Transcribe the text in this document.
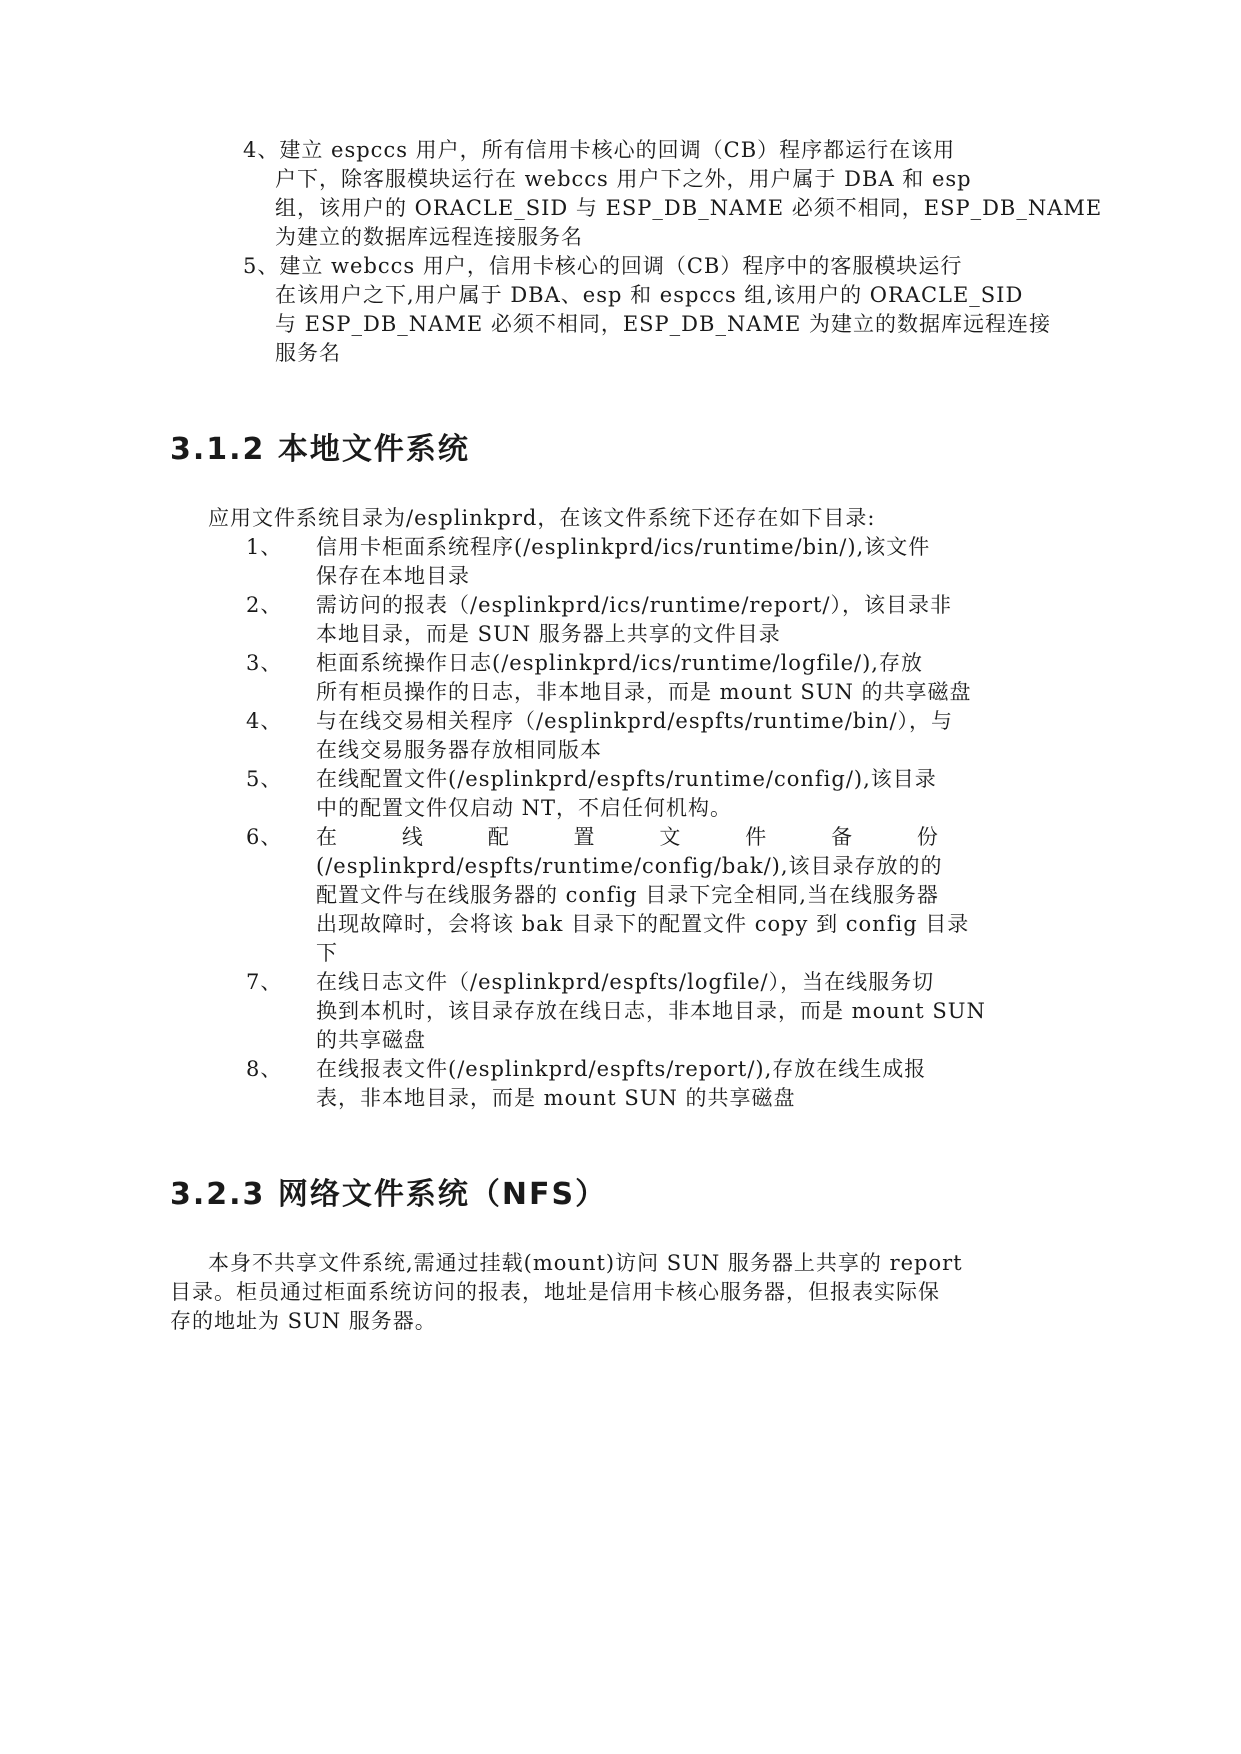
4、建立 espccs 用户，所有信用卡核心的回调（CB）程序都运行在该用
户下，除客服模块运行在 webccs 用户下之外，用户属于 DBA 和 esp
组，该用户的 ORACLE_SID 与 ESP_DB_NAME 必须不相同，ESP_DB_NAME
为建立的数据库远程连接服务名
5、建立 webccs 用户，信用卡核心的回调（CB）程序中的客服模块运行
在该用户之下,用户属于 DBA、esp 和 espccs 组,该用户的 ORACLE_SID
与 ESP_DB_NAME 必须不相同，ESP_DB_NAME 为建立的数据库远程连接
服务名
3.1.2 本地文件系统
应用文件系统目录为/esplinkprd，在该文件系统下还存在如下目录:
1、 信用卡柜面系统程序(/esplinkprd/ics/runtime/bin/),该文件
保存在本地目录
2、 需访问的报表（/esplinkprd/ics/runtime/report/），该目录非
本地目录，而是 SUN 服务器上共享的文件目录
3、 柜面系统操作日志(/esplinkprd/ics/runtime/logfile/),存放
所有柜员操作的日志，非本地目录，而是 mount SUN 的共享磁盘
4、 与在线交易相关程序（/esplinkprd/espfts/runtime/bin/），与
在线交易服务器存放相同版本
5、 在线配置文件(/esplinkprd/espfts/runtime/config/),该目录
中的配置文件仅启动 NT，不启任何机构。
6、 在	线	配	置	文	件	备	份
(/esplinkprd/espfts/runtime/config/bak/),该目录存放的的
配置文件与在线服务器的 config 目录下完全相同,当在线服务器
出现故障时，会将该 bak 目录下的配置文件 copy 到 config 目录
下
7、 在线日志文件（/esplinkprd/espfts/logfile/），当在线服务切
换到本机时，该目录存放在线日志，非本地目录，而是 mount SUN
的共享磁盘
8、 在线报表文件(/esplinkprd/espfts/report/),存放在线生成报
表，非本地目录，而是 mount SUN 的共享磁盘
3.2.3 网络文件系统（NFS）
本身不共享文件系统,需通过挂载(mount)访问 SUN 服务器上共享的 report
目录。柜员通过柜面系统访问的报表，地址是信用卡核心服务器，但报表实际保
存的地址为 SUN 服务器。
